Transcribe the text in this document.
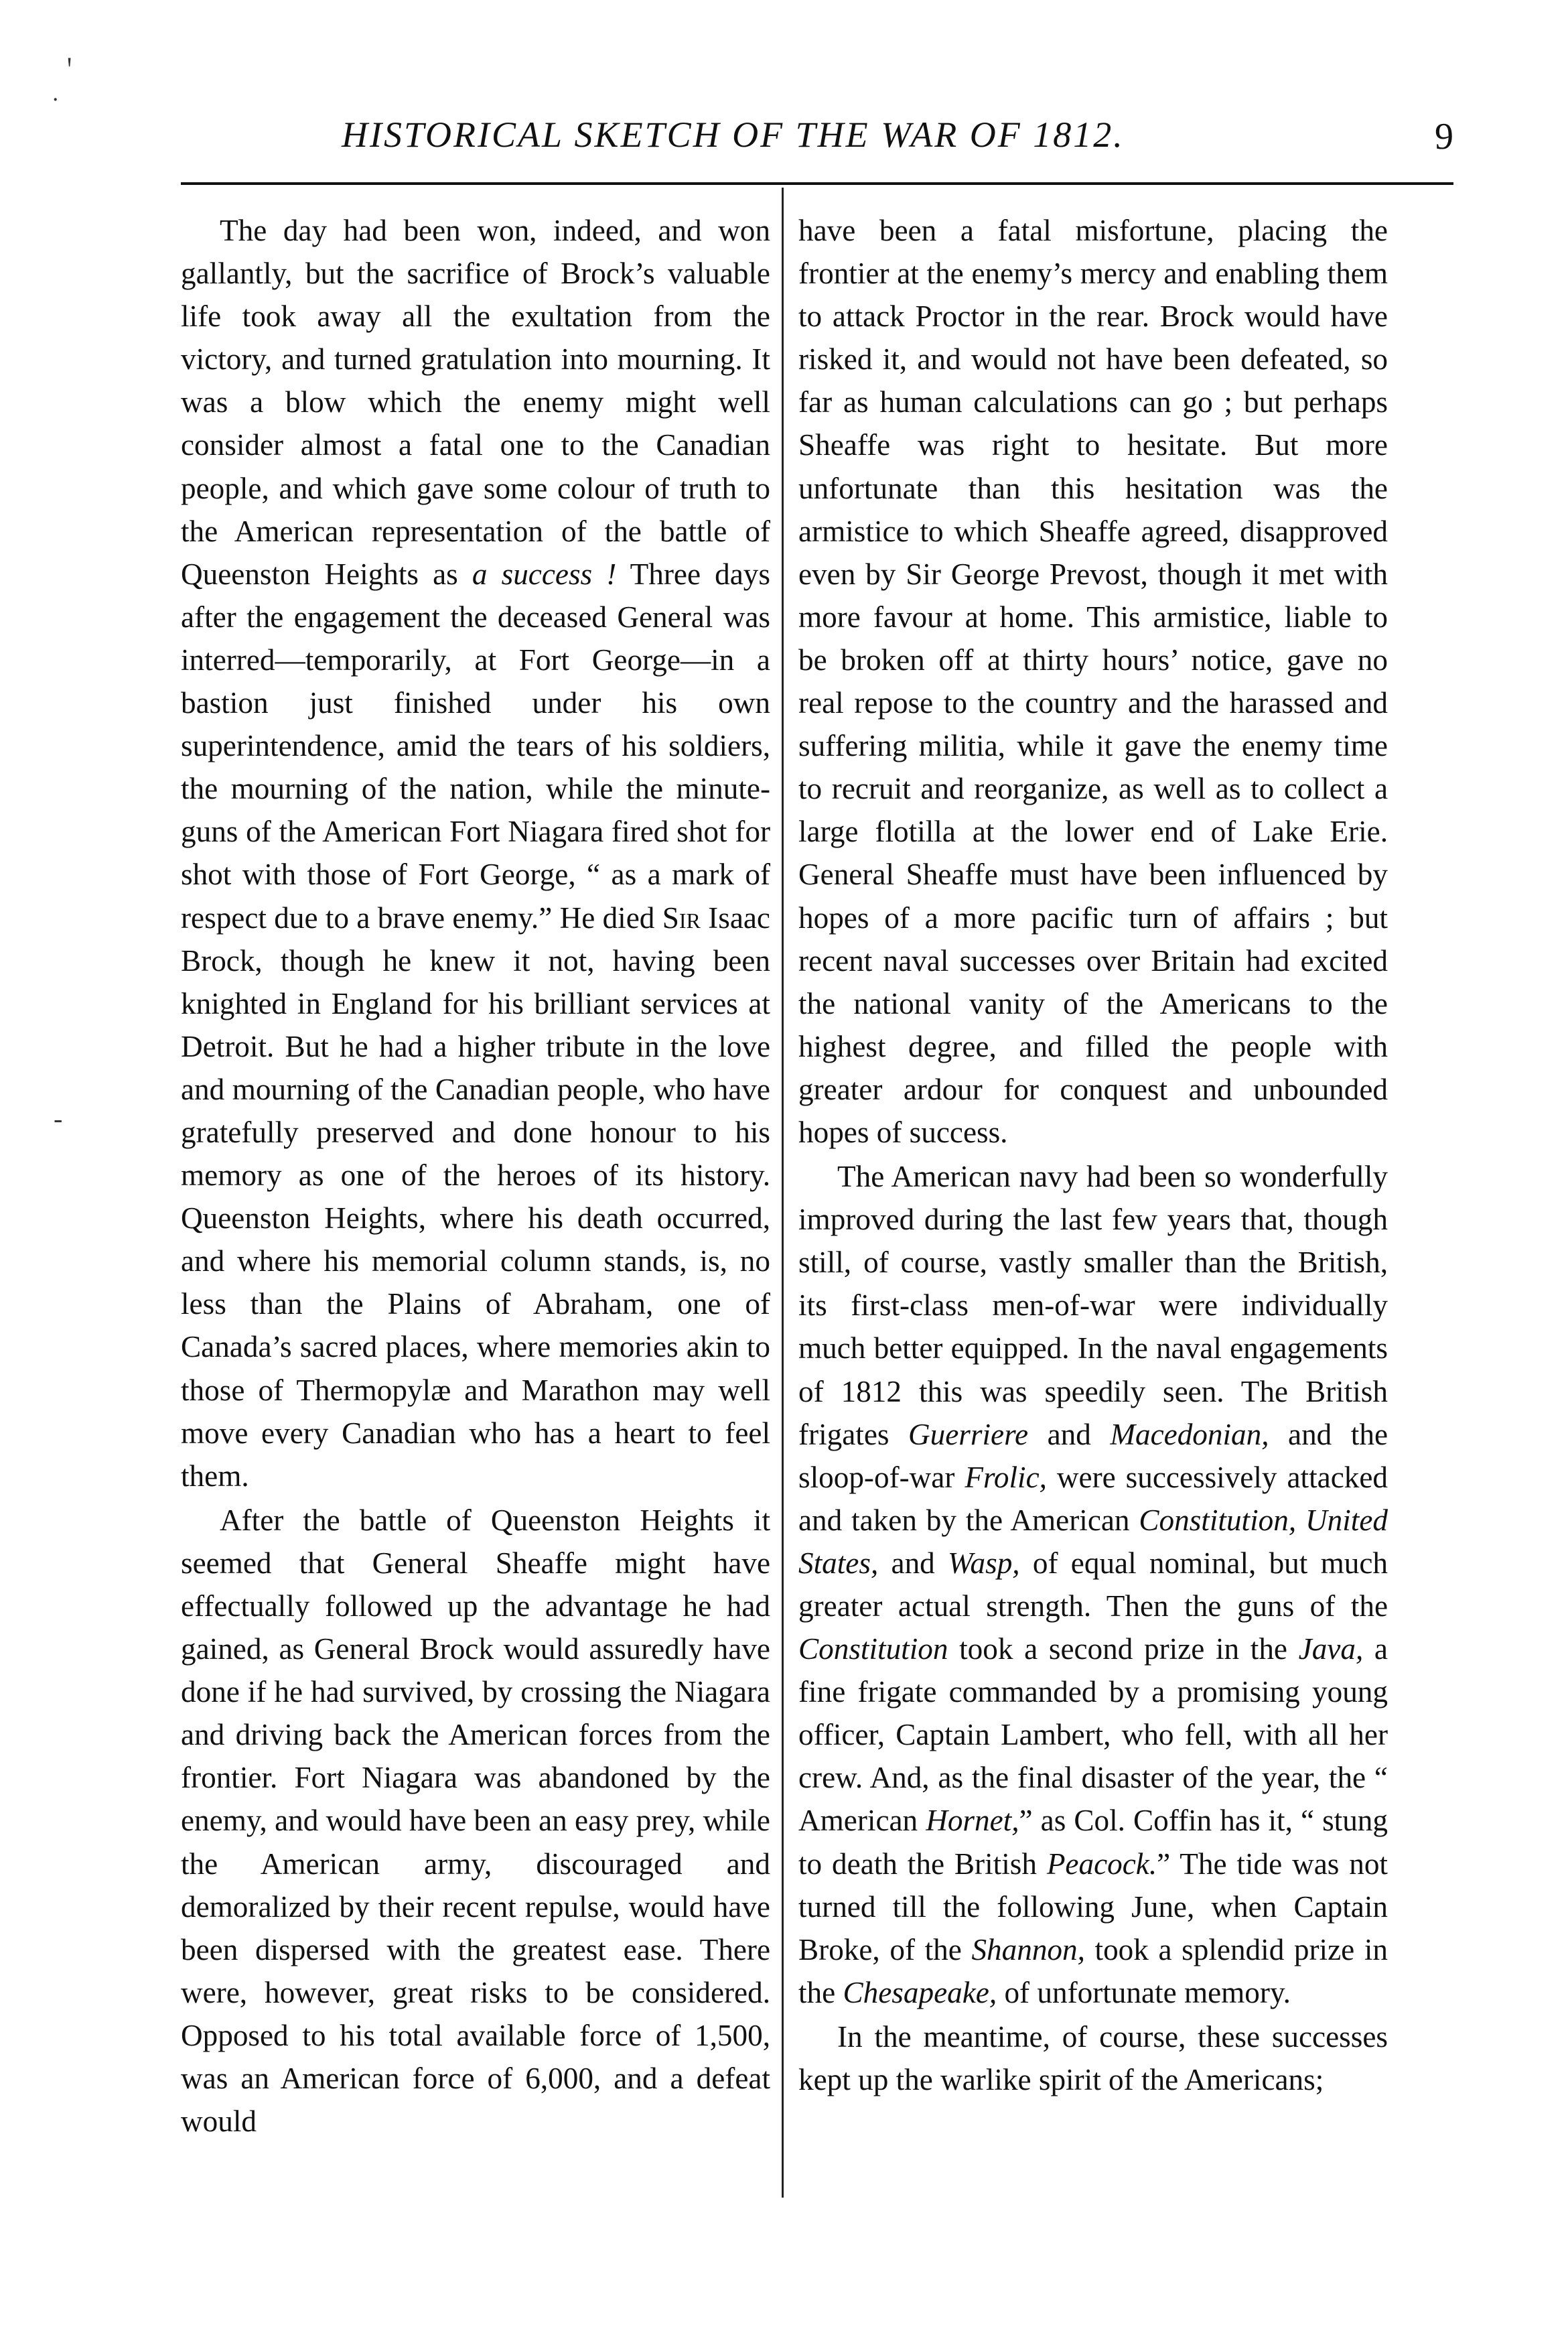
HISTORICAL SKETCH OF THE WAR OF 1812.	9
ꞌ
˙
-

The day had been won, indeed, and won gallantly, but the sacrifice of Brock’s valuable life took away all the exultation from the victory, and turned gratulation into mourning. It was a blow which the enemy might well consider almost a fatal one to the Canadian people, and which gave some colour of truth to the American representation of the battle of Queenston Heights as a success ! Three days after the engagement the deceased General was interred—temporarily, at Fort George—in a bastion just finished under his own superintendence, amid the tears of his soldiers, the mourning of the nation, while the minute-guns of the American Fort Niagara fired shot for shot with those of Fort George, “ as a mark of respect due to a brave enemy.” He died Sir Isaac Brock, though he knew it not, having been knighted in England for his brilliant services at Detroit. But he had a higher tribute in the love and mourning of the Canadian people, who have gratefully preserved and done honour to his memory as one of the heroes of its history. Queenston Heights, where his death occurred, and where his memorial column stands, is, no less than the Plains of Abraham, one of Canada’s sacred places, where memories akin to those of Thermopylæ and Marathon may well move every Canadian who has a heart to feel them.

After the battle of Queenston Heights it seemed that General Sheaffe might have effectually followed up the advantage he had gained, as General Brock would assuredly have done if he had survived, by crossing the Niagara and driving back the American forces from the frontier. Fort Niagara was abandoned by the enemy, and would have been an easy prey, while the American army, discouraged and demoralized by their recent repulse, would have been dispersed with the greatest ease. There were, however, great risks to be considered. Opposed to his total available force of 1,500, was an American force of 6,000, and a defeat would

have been a fatal misfortune, placing the frontier at the enemy’s mercy and enabling them to attack Proctor in the rear. Brock would have risked it, and would not have been defeated, so far as human calculations can go ; but perhaps Sheaffe was right to hesitate. But more unfortunate than this hesitation was the armistice to which Sheaffe agreed, disapproved even by Sir George Prevost, though it met with more favour at home. This armistice, liable to be broken off at thirty hours’ notice, gave no real repose to the country and the harassed and suffering militia, while it gave the enemy time to recruit and reorganize, as well as to collect a large flotilla at the lower end of Lake Erie. General Sheaffe must have been influenced by hopes of a more pacific turn of affairs ; but recent naval successes over Britain had excited the national vanity of the Americans to the highest degree, and filled the people with greater ardour for conquest and unbounded hopes of success.

The American navy had been so wonderfully improved during the last few years that, though still, of course, vastly smaller than the British, its first-class men-of-war were individually much better equipped. In the naval engagements of 1812 this was speedily seen. The British frigates Guerriere and Macedonian, and the sloop-of-war Frolic, were successively attacked and taken by the American Constitution, United States, and Wasp, of equal nominal, but much greater actual strength. Then the guns of the Constitution took a second prize in the Java, a fine frigate commanded by a promising young officer, Captain Lambert, who fell, with all her crew. And, as the final disaster of the year, the “ American Hornet,” as Col. Coffin has it, “ stung to death the British Peacock.” The tide was not turned till the following June, when Captain Broke, of the Shannon, took a splendid prize in the Chesapeake, of unfortunate memory.

In the meantime, of course, these successes kept up the warlike spirit of the Americans;
